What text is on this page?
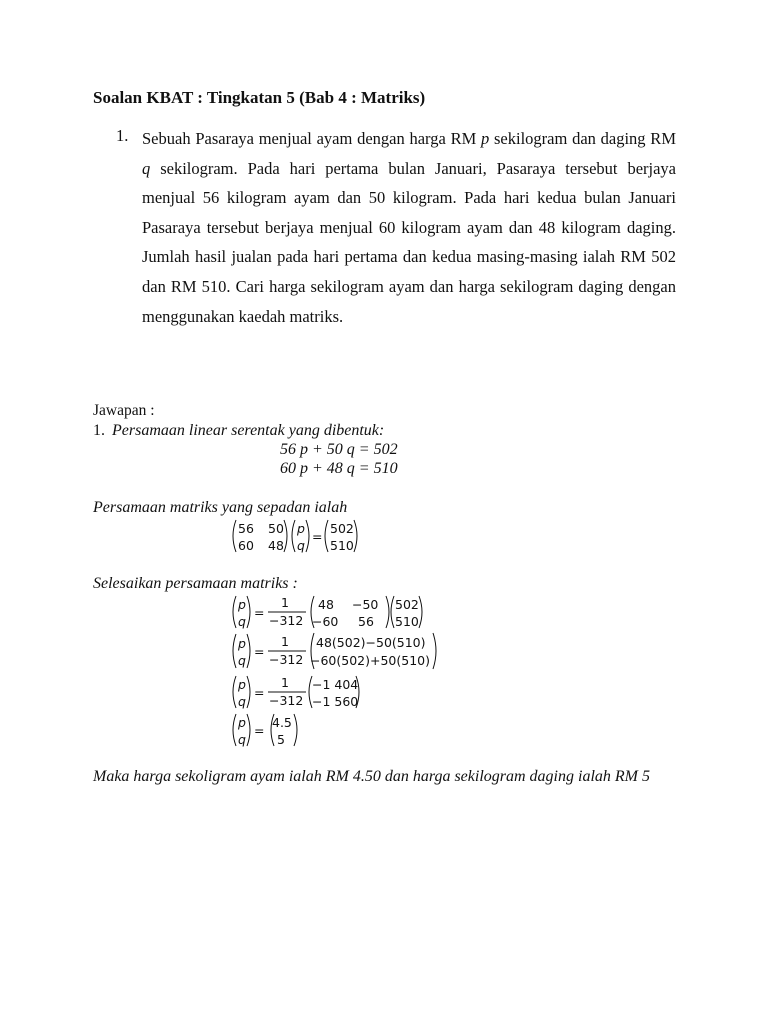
Soalan KBAT : Tingkatan 5 (Bab 4 : Matriks)
1. Sebuah Pasaraya menjual ayam dengan harga RM p sekilogram dan daging RM q sekilogram. Pada hari pertama bulan Januari, Pasaraya tersebut berjaya menjual 56 kilogram ayam dan 50 kilogram. Pada hari kedua bulan Januari Pasaraya tersebut berjaya menjual 60 kilogram ayam dan 48 kilogram daging. Jumlah hasil jualan pada hari pertama dan kedua masing-masing ialah RM 502 dan RM 510. Cari harga sekilogram ayam dan harga sekilogram daging dengan menggunakan kaedah matriks.
Jawapan :
1. Persamaan linear serentak yang dibentuk:
56 p + 50 q = 502
60 p + 48 q = 510
Persamaan matriks yang sepadan ialah
56 50
60 48
p
q
=
502
510
Selesaikan persamaan matriks :
p
q
=
1
−312
48 −50
−60 56
502
510
p
q
=
1
−312
48(502)−50(510)
−60(502)+50(510)
p
q
=
1
−312
−1 404
−1 560
p
q
=
4.5
5
Maka harga sekoligram ayam ialah RM 4.50 dan harga sekilogram daging ialah RM 5
